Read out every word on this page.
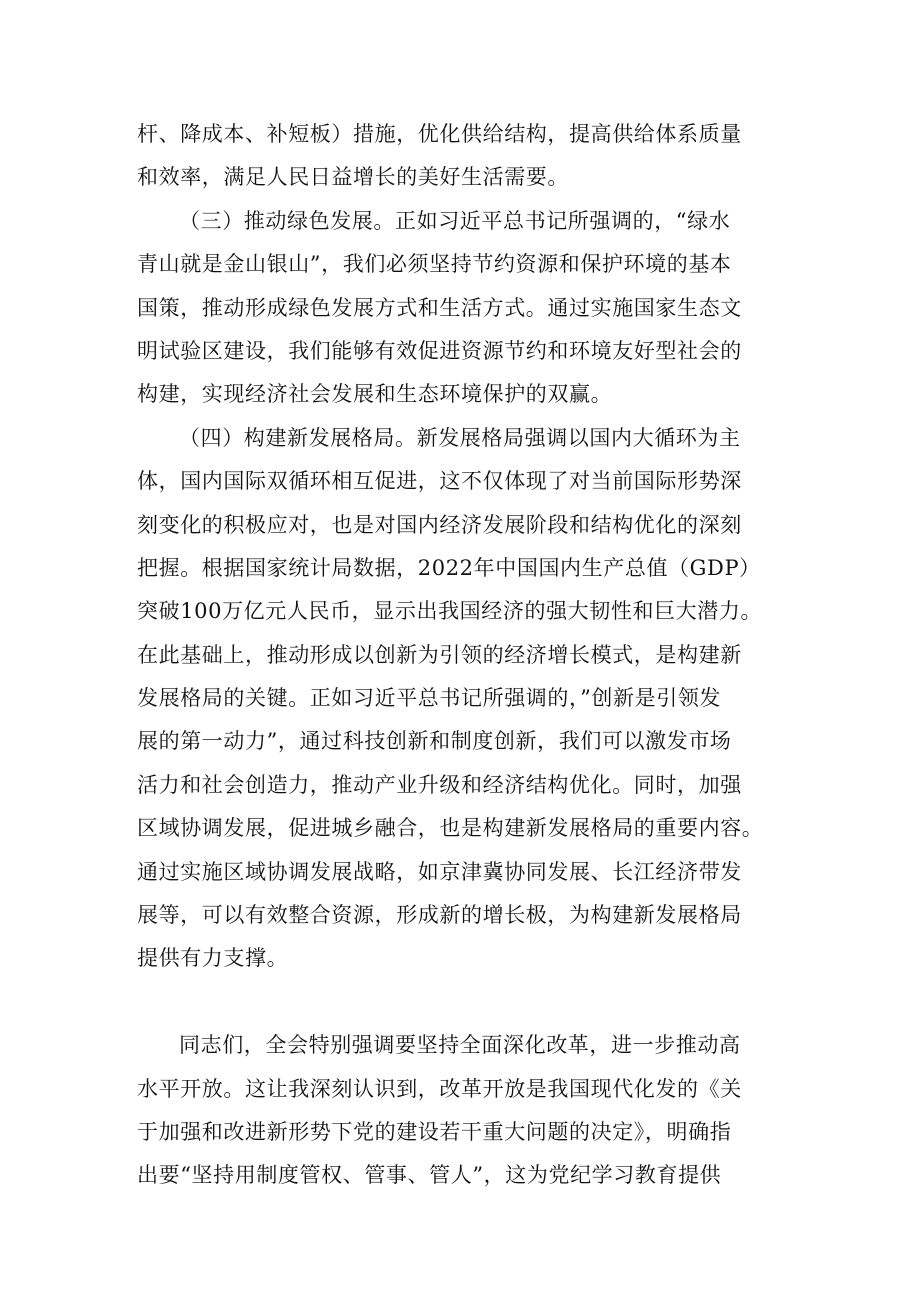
杆、降成本、补短板）措施，优化供给结构，提高供给体系质量
和效率，满足人民日益增长的美好生活需要。
（三）推动绿色发展。正如习近平总书记所强调的，“绿水
青山就是金山银山”，我们必须坚持节约资源和保护环境的基本
国策，推动形成绿色发展方式和生活方式。通过实施国家生态文
明试验区建设，我们能够有效促进资源节约和环境友好型社会的
构建，实现经济社会发展和生态环境保护的双赢。
（四）构建新发展格局。新发展格局强调以国内大循环为主
体，国内国际双循环相互促进，这不仅体现了对当前国际形势深
刻变化的积极应对，也是对国内经济发展阶段和结构优化的深刻
把握。根据国家统计局数据，2022年中国国内生产总值（GDP）
突破100万亿元人民币，显示出我国经济的强大韧性和巨大潜力。
在此基础上，推动形成以创新为引领的经济增长模式，是构建新
发展格局的关键。正如习近平总书记所强调的，”创新是引领发
展的第一动力”，通过科技创新和制度创新，我们可以激发市场
活力和社会创造力，推动产业升级和经济结构优化。同时，加强
区域协调发展，促进城乡融合，也是构建新发展格局的重要内容。
通过实施区域协调发展战略，如京津冀协同发展、长江经济带发
展等，可以有效整合资源，形成新的增长极，为构建新发展格局
提供有力支撑。
同志们，全会特别强调要坚持全面深化改革，进一步推动高
水平开放。这让我深刻认识到，改革开放是我国现代化发的《关
于加强和改进新形势下党的建设若干重大问题的决定》，明确指
出要“坚持用制度管权、管事、管人”，这为党纪学习教育提供
